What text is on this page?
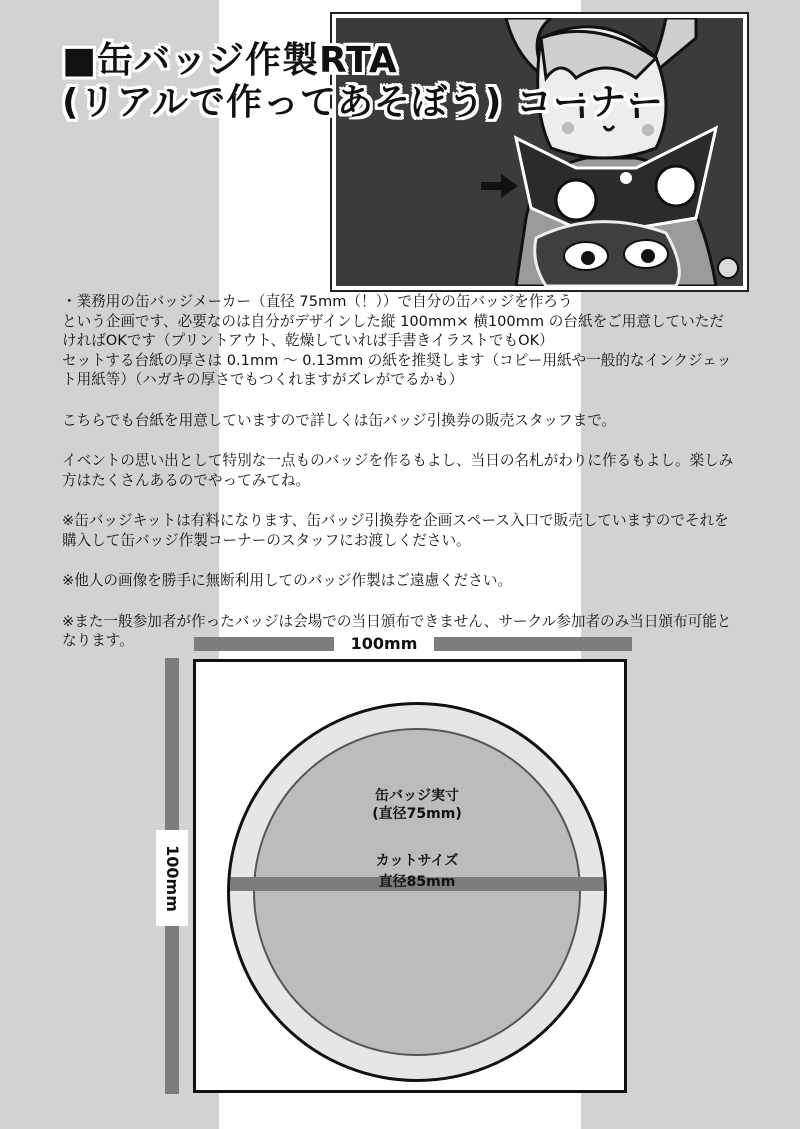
■缶バッジ作製RTA
(リアルで作ってあそぼう) コーナー

・業務用の缶バッジメーカー（直径 75mm（！））で自分の缶バッジを作ろう
という企画です、必要なのは自分がデザインした縦 100mm× 横100mm の台紙をご用意していただければOKです（プリントアウト、乾燥していれば手書きイラストでもOK）
セットする台紙の厚さは 0.1mm ～ 0.13mm の紙を推奨します（コピー用紙や一般的なインクジェット用紙等）（ハガキの厚さでもつくれますがズレがでるかも）

こちらでも台紙を用意していますので詳しくは缶バッジ引換券の販売スタッフまで。

イベントの思い出として特別な一点ものバッジを作るもよし、当日の名札がわりに作るもよし。楽しみ方はたくさんあるのでやってみてね。

※缶バッジキットは有料になります、缶バッジ引換券を企画スペース入口で販売していますのでそれを購入して缶バッジ作製コーナーのスタッフにお渡しください。

※他人の画像を勝手に無断利用してのバッジ作製はご遠慮ください。

※また一般参加者が作ったバッジは会場での当日頒布できません、サークル参加者のみ当日頒布可能となります。	100mm
100mm
缶バッジ実寸
(直径75mm)
カットサイズ
直径85mm
